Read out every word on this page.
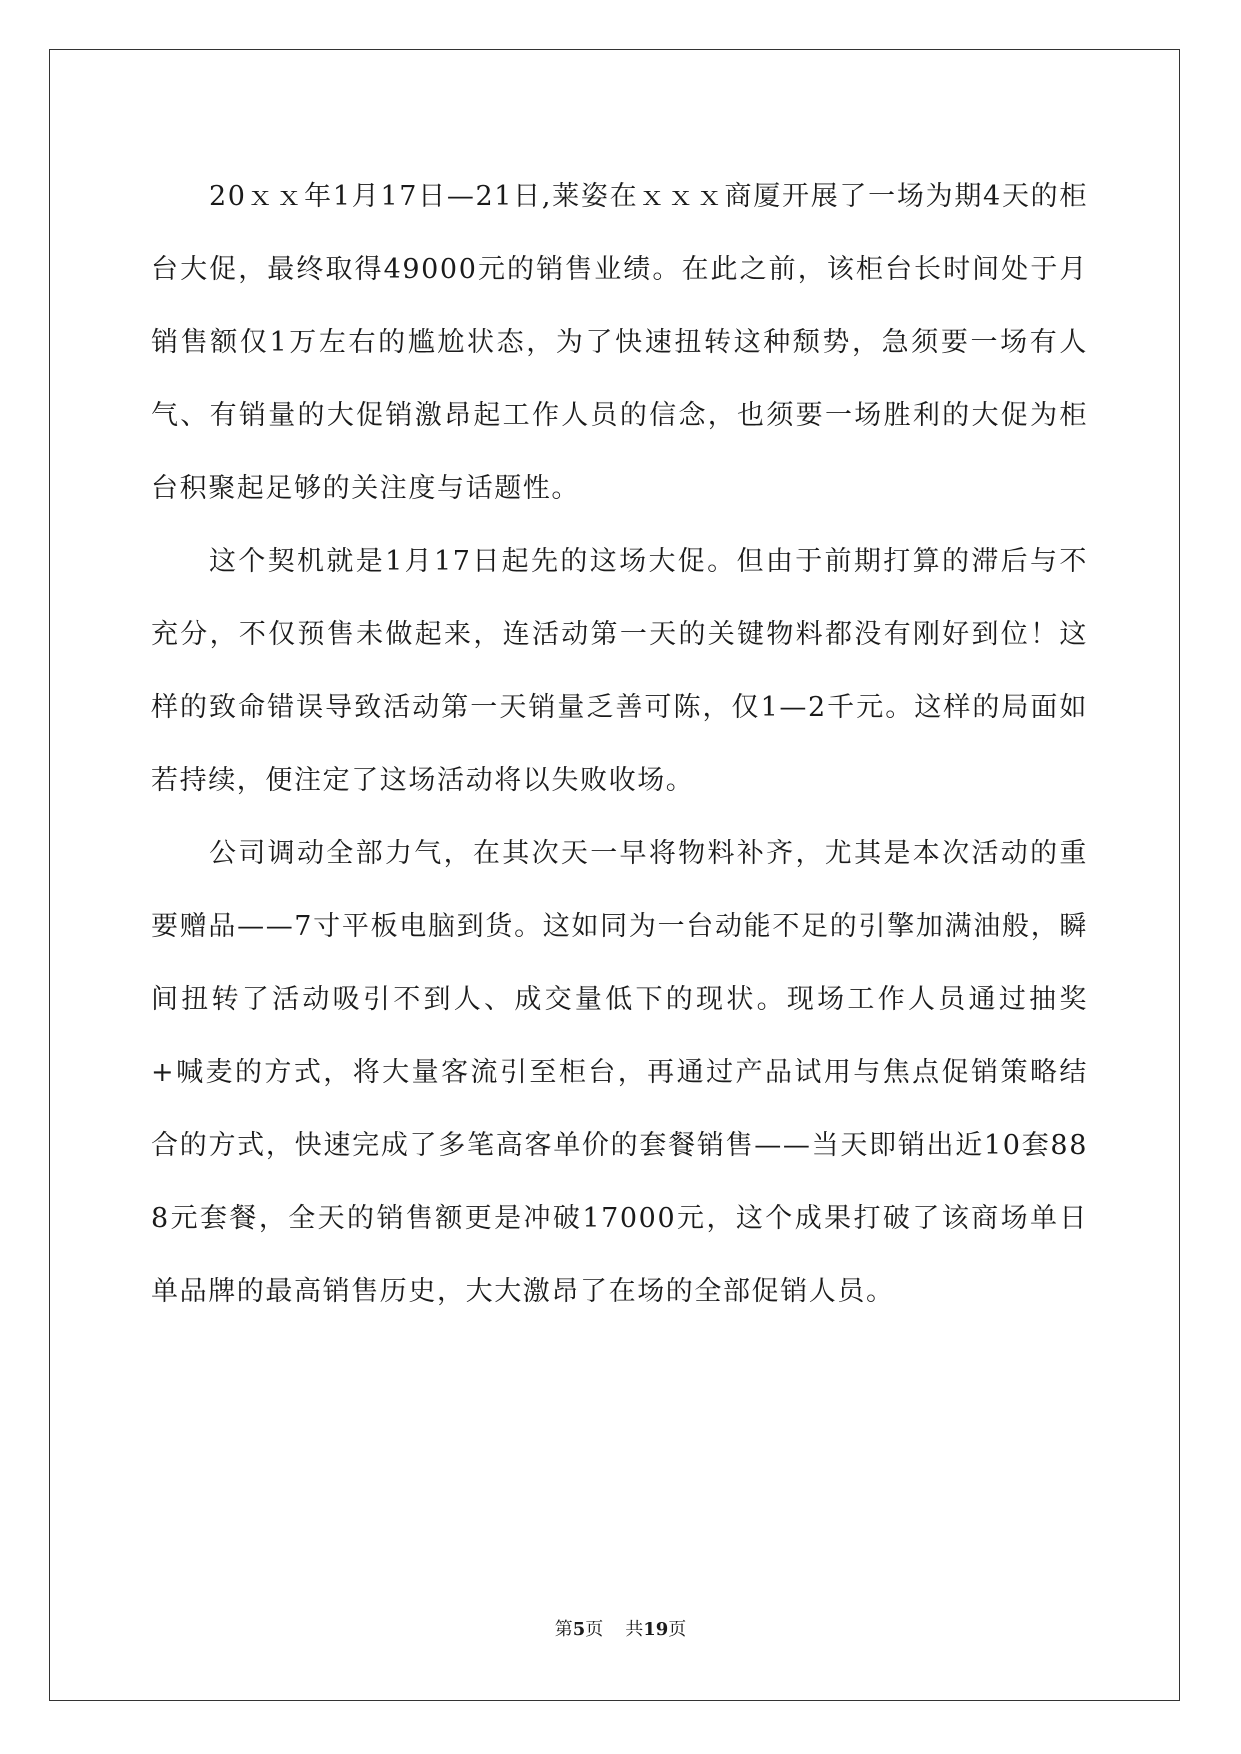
20ｘｘ年1月17日—21日,莱姿在ｘｘｘ商厦开展了一场为期4天的柜台大促，最终取得49000元的销售业绩。在此之前，该柜台长时间处于月销售额仅1万左右的尴尬状态，为了快速扭转这种颓势，急须要一场有人气、有销量的大促销激昂起工作人员的信念，也须要一场胜利的大促为柜台积聚起足够的关注度与话题性。

这个契机就是1月17日起先的这场大促。但由于前期打算的滞后与不充分，不仅预售未做起来，连活动第一天的关键物料都没有刚好到位！这样的致命错误导致活动第一天销量乏善可陈，仅1—2千元。这样的局面如若持续，便注定了这场活动将以失败收场。

公司调动全部力气，在其次天一早将物料补齐，尤其是本次活动的重要赠品——7寸平板电脑到货。这如同为一台动能不足的引擎加满油般，瞬间扭转了活动吸引不到人、成交量低下的现状。现场工作人员通过抽奖+喊麦的方式，将大量客流引至柜台，再通过产品试用与焦点促销策略结合的方式，快速完成了多笔高客单价的套餐销售——当天即销出近10套888元套餐，全天的销售额更是冲破17000元，这个成果打破了该商场单日单品牌的最高销售历史，大大激昂了在场的全部促销人员。

第5页 共19页
